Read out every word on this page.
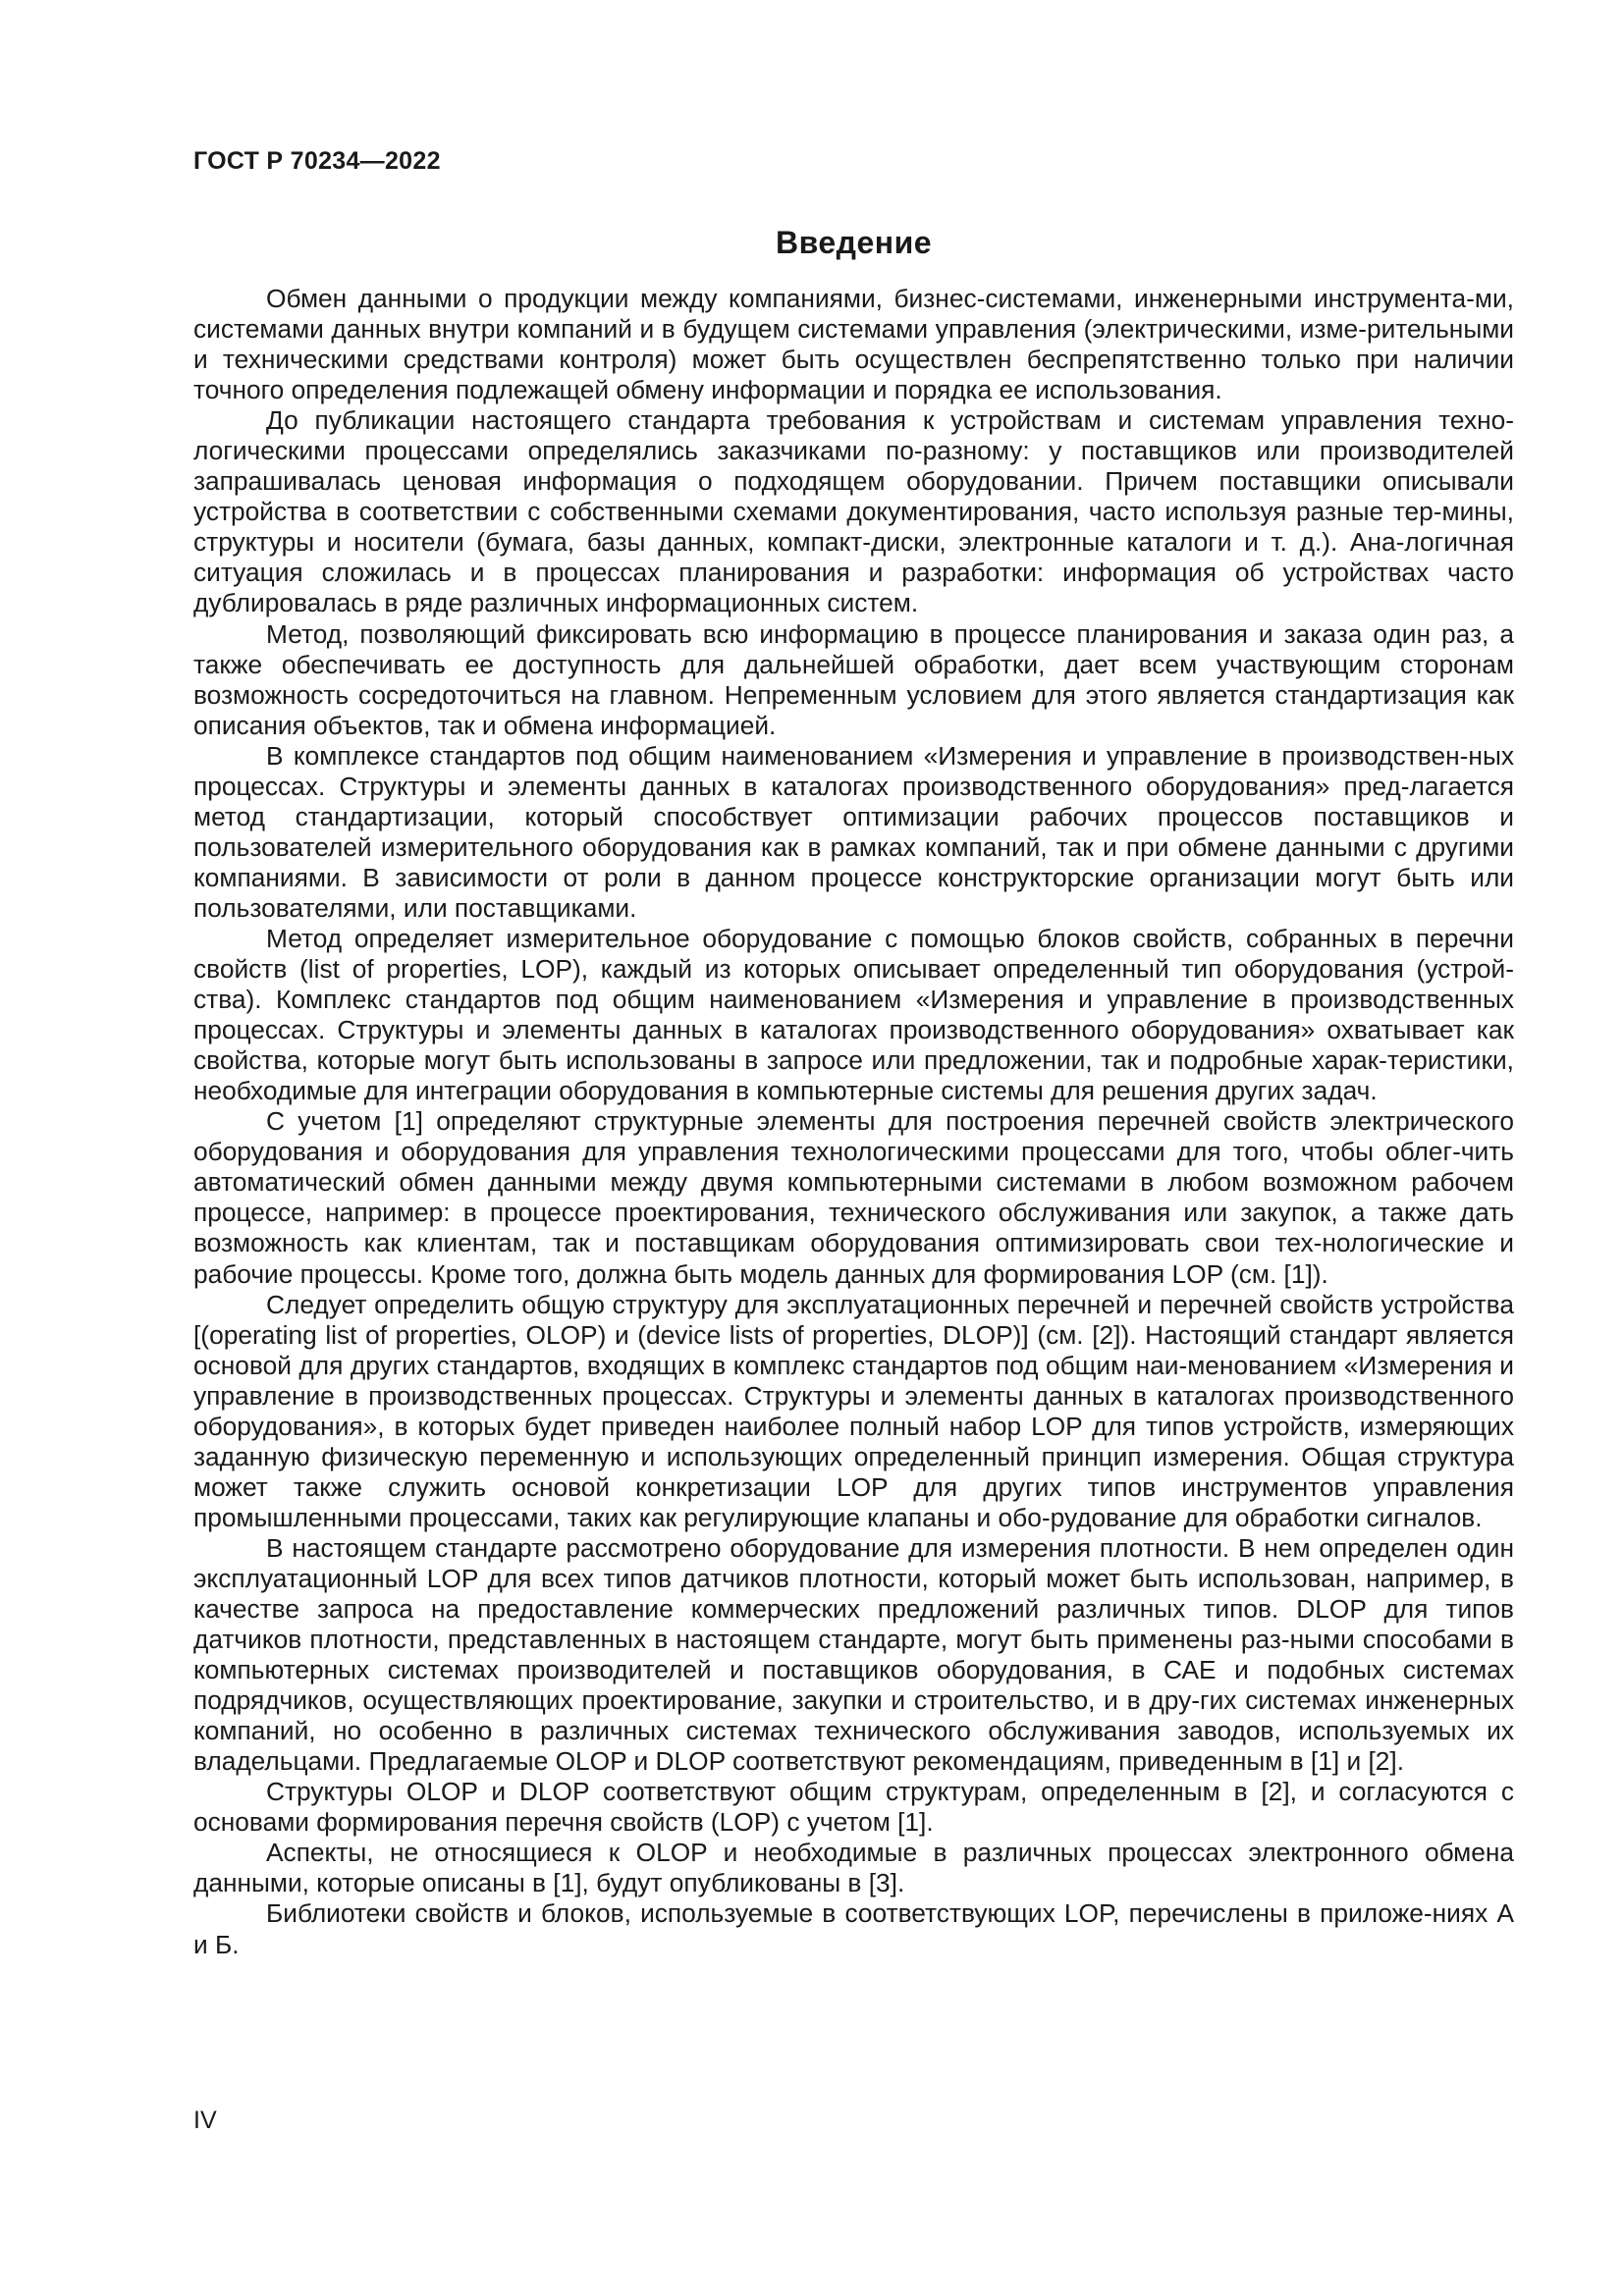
ГОСТ Р 70234—2022
Введение

Обмен данными о продукции между компаниями, бизнес-системами, инженерными инструмента-ми, системами данных внутри компаний и в будущем системами управления (электрическими, изме-рительными и техническими средствами контроля) может быть осуществлен беспрепятственно только при наличии точного определения подлежащей обмену информации и порядка ее использования.

До публикации настоящего стандарта требования к устройствам и системам управления техно-логическими процессами определялись заказчиками по-разному: у поставщиков или производителей запрашивалась ценовая информация о подходящем оборудовании. Причем поставщики описывали устройства в соответствии с собственными схемами документирования, часто используя разные тер-мины, структуры и носители (бумага, базы данных, компакт-диски, электронные каталоги и т. д.). Ана-логичная ситуация сложилась и в процессах планирования и разработки: информация об устройствах часто дублировалась в ряде различных информационных систем.

Метод, позволяющий фиксировать всю информацию в процессе планирования и заказа один раз, а также обеспечивать ее доступность для дальнейшей обработки, дает всем участвующим сторонам возможность сосредоточиться на главном. Непременным условием для этого является стандартизация как описания объектов, так и обмена информацией.

В комплексе стандартов под общим наименованием «Измерения и управление в производствен-ных процессах. Структуры и элементы данных в каталогах производственного оборудования» пред-лагается метод стандартизации, который способствует оптимизации рабочих процессов поставщиков и пользователей измерительного оборудования как в рамках компаний, так и при обмене данными с другими компаниями. В зависимости от роли в данном процессе конструкторские организации могут быть или пользователями, или поставщиками.

Метод определяет измерительное оборудование с помощью блоков свойств, собранных в перечни свойств (list of properties, LOP), каждый из которых описывает определенный тип оборудования (устрой-ства). Комплекс стандартов под общим наименованием «Измерения и управление в производственных процессах. Структуры и элементы данных в каталогах производственного оборудования» охватывает как свойства, которые могут быть использованы в запросе или предложении, так и подробные харак-теристики, необходимые для интеграции оборудования в компьютерные системы для решения других задач.

С учетом [1] определяют структурные элементы для построения перечней свойств электрического оборудования и оборудования для управления технологическими процессами для того, чтобы облег-чить автоматический обмен данными между двумя компьютерными системами в любом возможном рабочем процессе, например: в процессе проектирования, технического обслуживания или закупок, а также дать возможность как клиентам, так и поставщикам оборудования оптимизировать свои тех-нологические и рабочие процессы. Кроме того, должна быть модель данных для формирования LOP (см. [1]).

Следует определить общую структуру для эксплуатационных перечней и перечней свойств устройства [(operating list of properties, OLOP) и (device lists of properties, DLOP)] (см. [2]). Настоящий стандарт является основой для других стандартов, входящих в комплекс стандартов под общим наи-менованием «Измерения и управление в производственных процессах. Структуры и элементы данных в каталогах производственного оборудования», в которых будет приведен наиболее полный набор LOP для типов устройств, измеряющих заданную физическую переменную и использующих определенный принцип измерения. Общая структура может также служить основой конкретизации LOP для других типов инструментов управления промышленными процессами, таких как регулирующие клапаны и обо-рудование для обработки сигналов.

В настоящем стандарте рассмотрено оборудование для измерения плотности. В нем определен один эксплуатационный LOP для всех типов датчиков плотности, который может быть использован, например, в качестве запроса на предоставление коммерческих предложений различных типов. DLOP для типов датчиков плотности, представленных в настоящем стандарте, могут быть применены раз-ными способами в компьютерных системах производителей и поставщиков оборудования, в САЕ и подобных системах подрядчиков, осуществляющих проектирование, закупки и строительство, и в дру-гих системах инженерных компаний, но особенно в различных системах технического обслуживания заводов, используемых их владельцами. Предлагаемые OLOP и DLOP соответствуют рекомендациям, приведенным в [1] и [2].

Структуры OLOP и DLOP соответствуют общим структурам, определенным в [2], и согласуются с основами формирования перечня свойств (LOP) с учетом [1].

Аспекты, не относящиеся к OLOP и необходимые в различных процессах электронного обмена данными, которые описаны в [1], будут опубликованы в [3].

Библиотеки свойств и блоков, используемые в соответствующих LOP, перечислены в приложе-ниях А и Б.

IV
